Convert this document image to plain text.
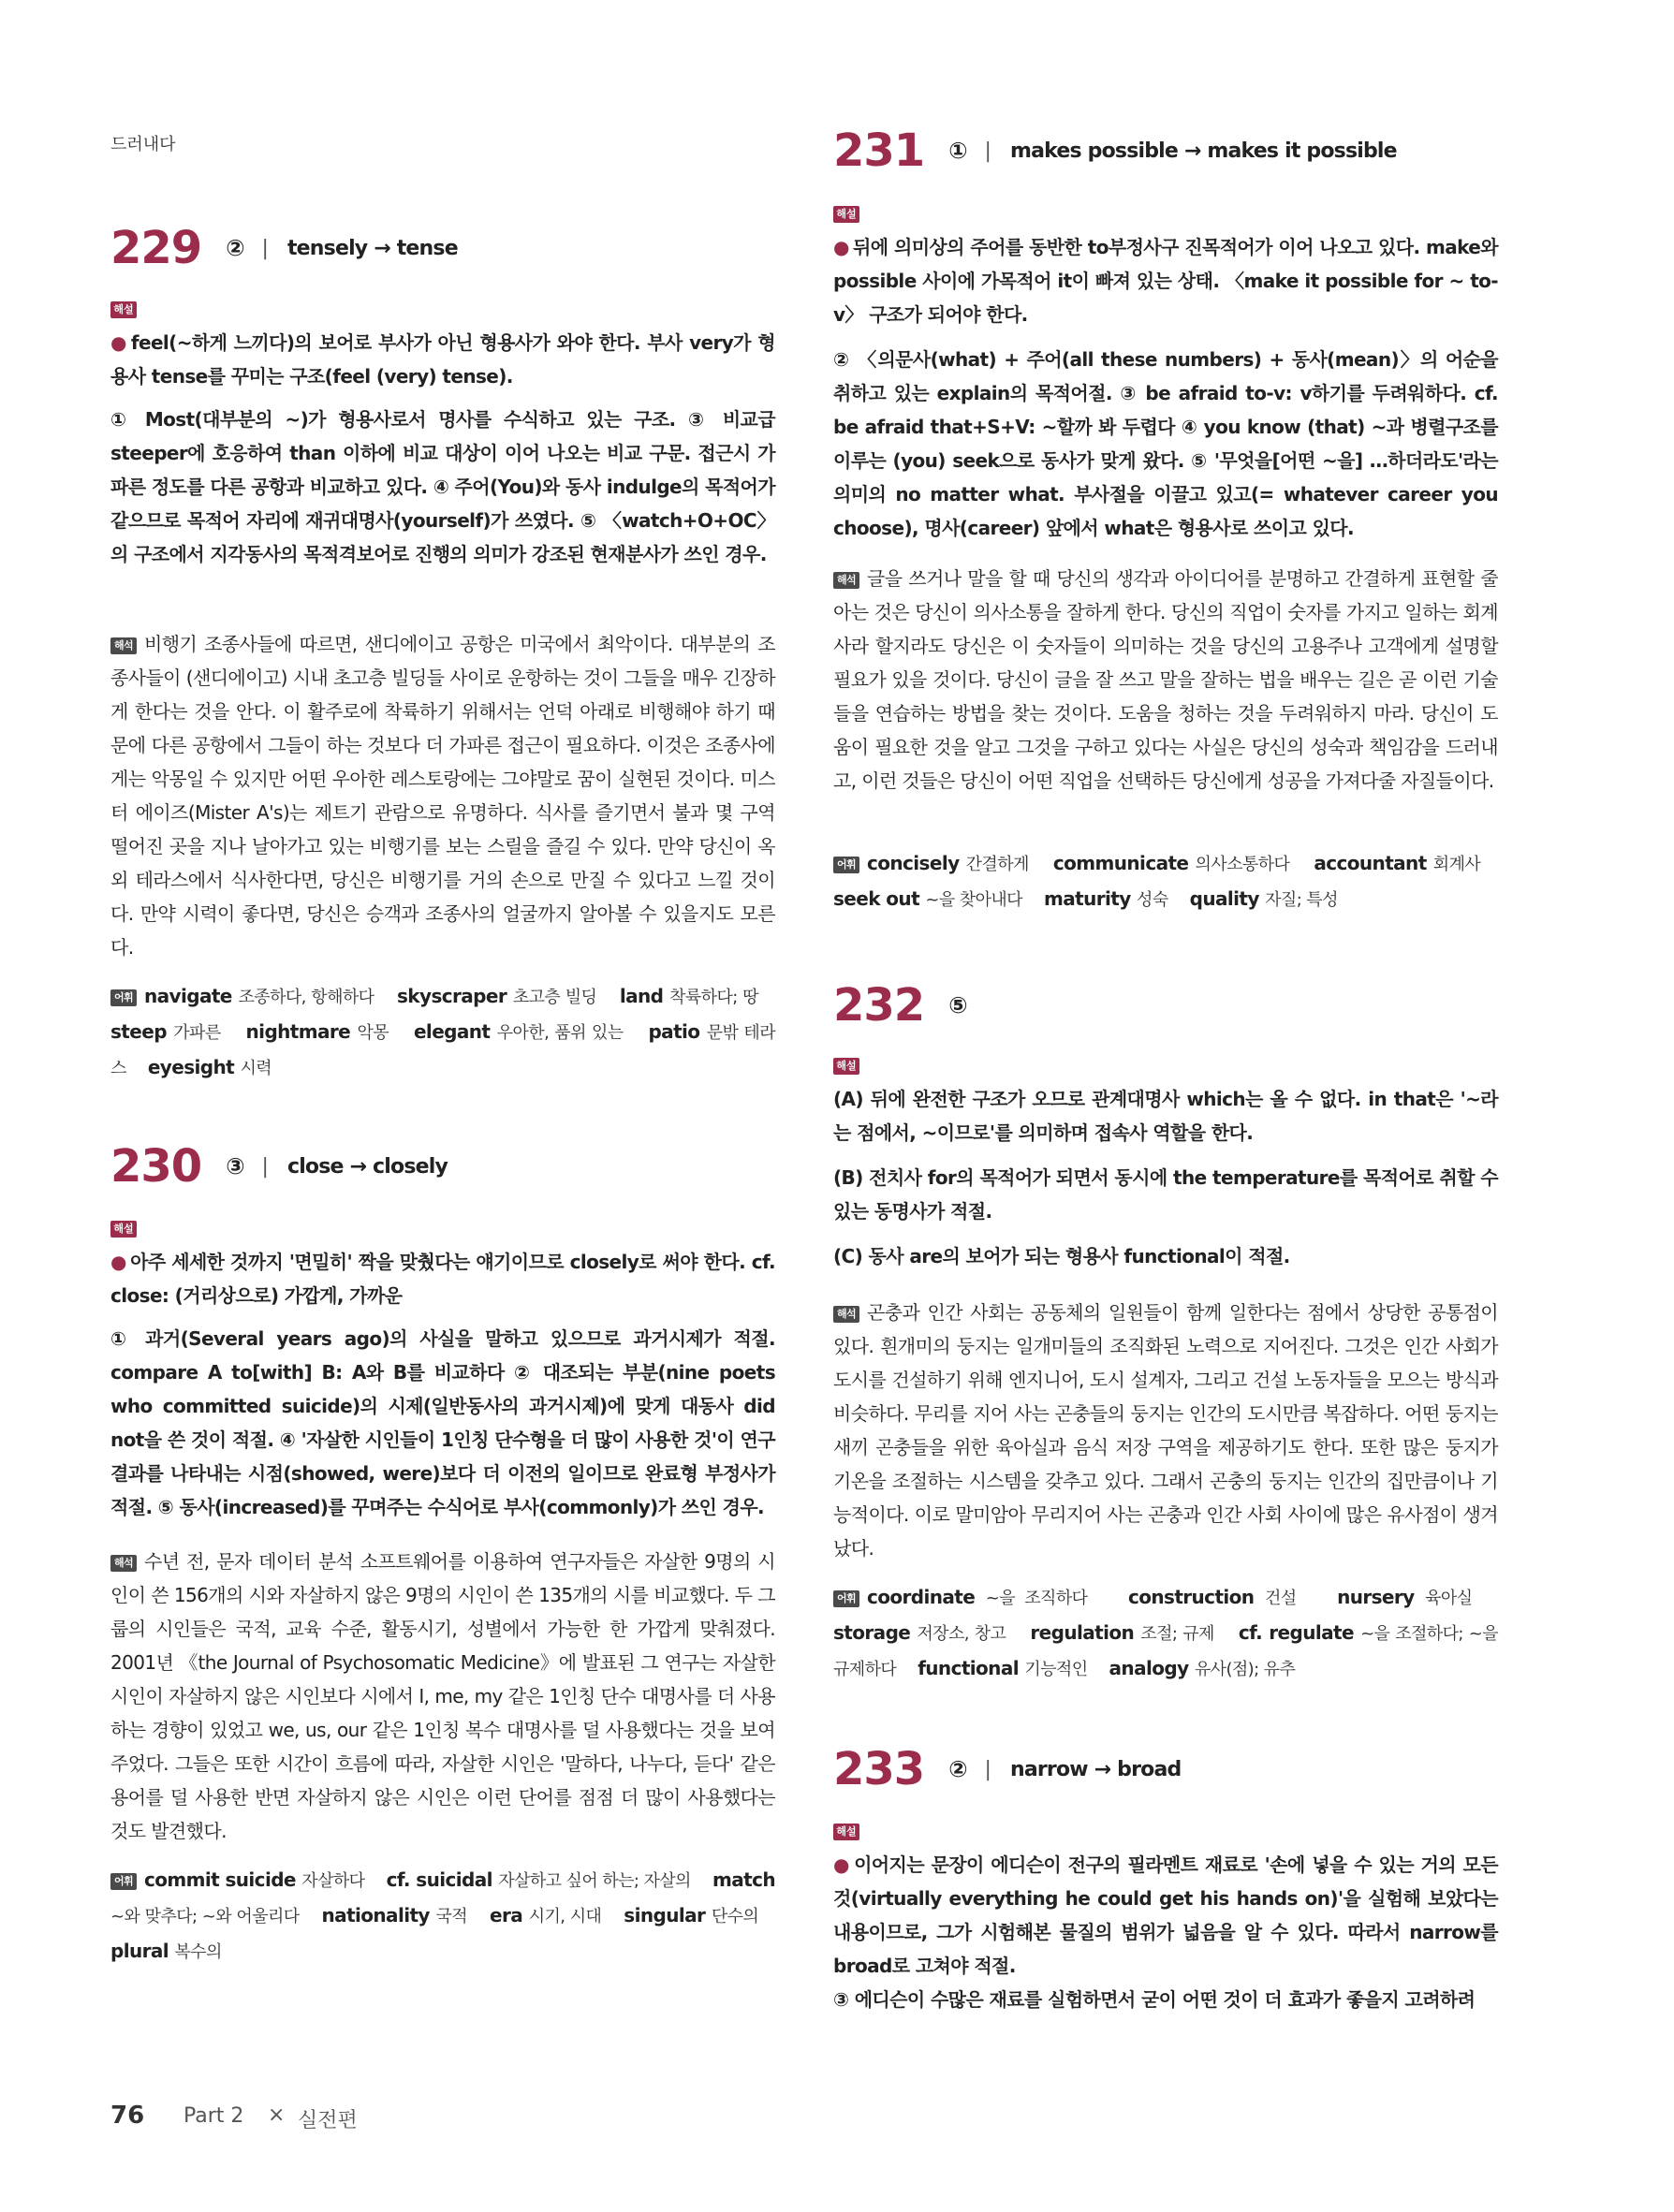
드러내다
229 ② | tensely → tense
해설

● feel(~하게 느끼다)의 보어로 부사가 아닌 형용사가 와야 한다. 부사 very가 형용사 tense를 꾸미는 구조(feel (very) tense).

① Most(대부분의 ~)가 형용사로서 명사를 수식하고 있는 구조. ③ 비교급 steeper에 호응하여 than 이하에 비교 대상이 이어 나오는 비교 구문. 접근시 가파른 정도를 다른 공항과 비교하고 있다. ④ 주어(You)와 동사 indulge의 목적어가 같으므로 목적어 자리에 재귀대명사(yourself)가 쓰였다. ⑤ 〈watch+O+OC〉의 구조에서 지각동사의 목적격보어로 진행의 의미가 강조된 현재분사가 쓰인 경우.

해석 비행기 조종사들에 따르면, 샌디에이고 공항은 미국에서 최악이다. 대부분의 조종사들이 (샌디에이고) 시내 초고층 빌딩들 사이로 운항하는 것이 그들을 매우 긴장하게 한다는 것을 안다. 이 활주로에 착륙하기 위해서는 언덕 아래로 비행해야 하기 때문에 다른 공항에서 그들이 하는 것보다 더 가파른 접근이 필요하다. 이것은 조종사에게는 악몽일 수 있지만 어떤 우아한 레스토랑에는 그야말로 꿈이 실현된 것이다. 미스터 에이즈(Mister A's)는 제트기 관람으로 유명하다. 식사를 즐기면서 불과 몇 구역 떨어진 곳을 지나 날아가고 있는 비행기를 보는 스릴을 즐길 수 있다. 만약 당신이 옥외 테라스에서 식사한다면, 당신은 비행기를 거의 손으로 만질 수 있다고 느낄 것이다. 만약 시력이 좋다면, 당신은 승객과 조종사의 얼굴까지 알아볼 수 있을지도 모른다.

어휘 navigate 조종하다, 항해하다 skyscraper 초고층 빌딩 land 착륙하다; 땅    steep 가파른 nightmare 악몽 elegant 우아한, 품위 있는 patio 문밖 테라스 eyesight 시력

230 ③ | close → closely
해설

● 아주 세세한 것까지 '면밀히' 짝을 맞췄다는 얘기이므로 closely로 써야 한다. cf. close: (거리상으로) 가깝게, 가까운

① 과거(Several years ago)의 사실을 말하고 있으므로 과거시제가 적절. compare A to[with] B: A와 B를 비교하다 ② 대조되는 부분(nine poets who committed suicide)의 시제(일반동사의 과거시제)에 맞게 대동사 did not을 쓴 것이 적절. ④ '자살한 시인들이 1인칭 단수형을 더 많이 사용한 것'이 연구 결과를 나타내는 시점(showed, were)보다 더 이전의 일이므로 완료형 부정사가 적절. ⑤ 동사(increased)를 꾸며주는 수식어로 부사(commonly)가 쓰인 경우.

해석 수년 전, 문자 데이터 분석 소프트웨어를 이용하여 연구자들은 자살한 9명의 시인이 쓴 156개의 시와 자살하지 않은 9명의 시인이 쓴 135개의 시를 비교했다. 두 그룹의 시인들은 국적, 교육 수준, 활동시기, 성별에서 가능한 한 가깝게 맞춰졌다. 2001년 《the Journal of Psychosomatic Medicine》에 발표된 그 연구는 자살한 시인이 자살하지 않은 시인보다 시에서 I, me, my 같은 1인칭 단수 대명사를 더 사용하는 경향이 있었고 we, us, our 같은 1인칭 복수 대명사를 덜 사용했다는 것을 보여주었다. 그들은 또한 시간이 흐름에 따라, 자살한 시인은 '말하다, 나누다, 듣다' 같은 용어를 덜 사용한 반면 자살하지 않은 시인은 이런 단어를 점점 더 많이 사용했다는 것도 발견했다.

어휘 commit suicide 자살하다 cf. suicidal 자살하고 싶어 하는; 자살의 match ~와 맞추다; ~와 어울리다 nationality 국적 era 시기, 시대 singular 단수의    plural 복수의

231 ① | makes possible → makes it possible
해설

● 뒤에 의미상의 주어를 동반한 to부정사구 진목적어가 이어 나오고 있다. make와 possible 사이에 가목적어 it이 빠져 있는 상태. 〈make it possible for ~ to-v〉 구조가 되어야 한다.

② 〈의문사(what) + 주어(all these numbers) + 동사(mean)〉의 어순을 취하고 있는 explain의 목적어절. ③ be afraid to-v: v하기를 두려워하다. cf. be afraid that+S+V: ~할까 봐 두렵다 ④ you know (that) ~과 병렬구조를 이루는 (you) seek으로 동사가 맞게 왔다. ⑤ '무엇을[어떤 ~을] …하더라도'라는 의미의 no matter what. 부사절을 이끌고 있고(= whatever career you choose), 명사(career) 앞에서 what은 형용사로 쓰이고 있다.

해석 글을 쓰거나 말을 할 때 당신의 생각과 아이디어를 분명하고 간결하게 표현할 줄 아는 것은 당신이 의사소통을 잘하게 한다. 당신의 직업이 숫자를 가지고 일하는 회계사라 할지라도 당신은 이 숫자들이 의미하는 것을 당신의 고용주나 고객에게 설명할 필요가 있을 것이다. 당신이 글을 잘 쓰고 말을 잘하는 법을 배우는 길은 곧 이런 기술들을 연습하는 방법을 찾는 것이다. 도움을 청하는 것을 두려워하지 마라. 당신이 도움이 필요한 것을 알고 그것을 구하고 있다는 사실은 당신의 성숙과 책임감을 드러내고, 이런 것들은 당신이 어떤 직업을 선택하든 당신에게 성공을 가져다줄 자질들이다.

어휘 concisely 간결하게 communicate 의사소통하다 accountant 회계사    seek out ~을 찾아내다 maturity 성숙 quality 자질; 특성

232 ⑤
해설

(A) 뒤에 완전한 구조가 오므로 관계대명사 which는 올 수 없다. in that은 '~라는 점에서, ~이므로'를 의미하며 접속사 역할을 한다.

(B) 전치사 for의 목적어가 되면서 동시에 the temperature를 목적어로 취할 수 있는 동명사가 적절.

(C) 동사 are의 보어가 되는 형용사 functional이 적절.

해석 곤충과 인간 사회는 공동체의 일원들이 함께 일한다는 점에서 상당한 공통점이 있다. 흰개미의 둥지는 일개미들의 조직화된 노력으로 지어진다. 그것은 인간 사회가 도시를 건설하기 위해 엔지니어, 도시 설계자, 그리고 건설 노동자들을 모으는 방식과 비슷하다. 무리를 지어 사는 곤충들의 둥지는 인간의 도시만큼 복잡하다. 어떤 둥지는 새끼 곤충들을 위한 육아실과 음식 저장 구역을 제공하기도 한다. 또한 많은 둥지가 기온을 조절하는 시스템을 갖추고 있다. 그래서 곤충의 둥지는 인간의 집만큼이나 기능적이다. 이로 말미암아 무리지어 사는 곤충과 인간 사회 사이에 많은 유사점이 생겨났다.

어휘 coordinate ~을 조직하다 construction 건설 nursery 육아실    storage 저장소, 창고 regulation 조절; 규제 cf. regulate ~을 조절하다; ~을 규제하다 functional 기능적인 analogy 유사(점); 유추

233 ② | narrow → broad
해설

● 이어지는 문장이 에디슨이 전구의 필라멘트 재료로 '손에 넣을 수 있는 거의 모든 것(virtually everything he could get his hands on)'을 실험해 보았다는 내용이므로, 그가 시험해본 물질의 범위가 넓음을 알 수 있다. 따라서 narrow를 broad로 고쳐야 적절.

③ 에디슨이 수많은 재료를 실험하면서 굳이 어떤 것이 더 효과가 좋을지 고려하려

76 Part 2 × 실전편
